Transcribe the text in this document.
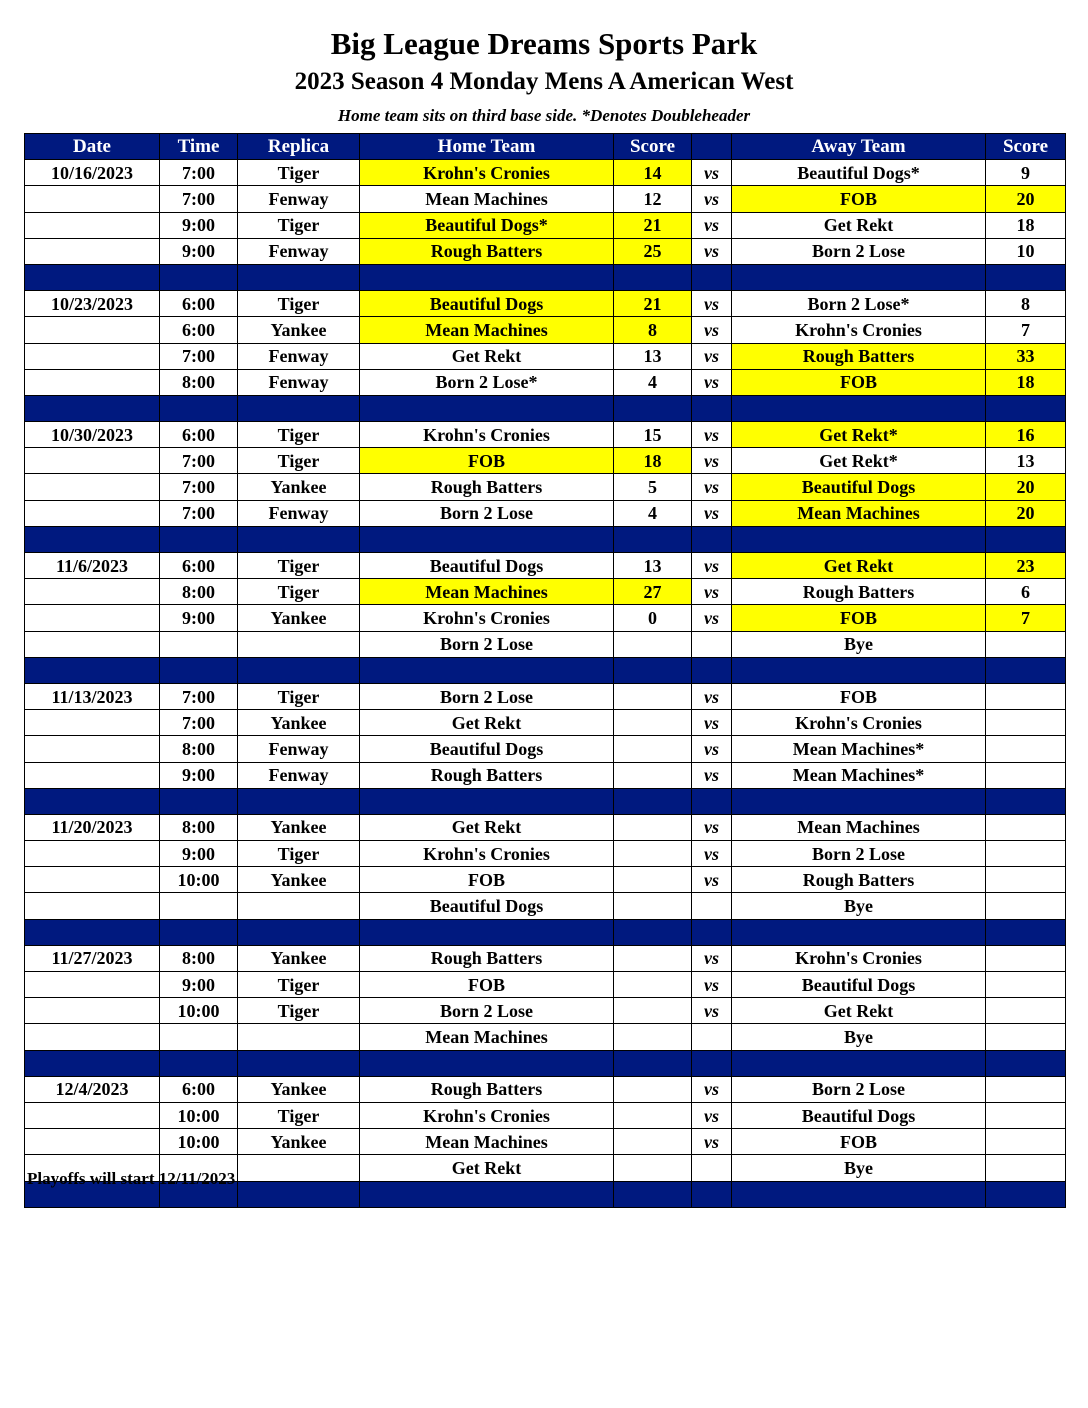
Big League Dreams Sports Park
2023 Season 4 Monday Mens A American West
Home team sits on third base side. *Denotes Doubleheader
Date	Time	Replica	Home Team	Score		Away Team	Score
10/16/2023	7:00	Tiger	Krohn's Cronies	14	vs	Beautiful Dogs*	9
	7:00	Fenway	Mean Machines	12	vs	FOB	20
	9:00	Tiger	Beautiful Dogs*	21	vs	Get Rekt	18
	9:00	Fenway	Rough Batters	25	vs	Born 2 Lose	10

10/23/2023	6:00	Tiger	Beautiful Dogs	21	vs	Born 2 Lose*	8
	6:00	Yankee	Mean Machines	8	vs	Krohn's Cronies	7
	7:00	Fenway	Get Rekt	13	vs	Rough Batters	33
	8:00	Fenway	Born 2 Lose*	4	vs	FOB	18

10/30/2023	6:00	Tiger	Krohn's Cronies	15	vs	Get Rekt*	16
	7:00	Tiger	FOB	18	vs	Get Rekt*	13
	7:00	Yankee	Rough Batters	5	vs	Beautiful Dogs	20
	7:00	Fenway	Born 2 Lose	4	vs	Mean Machines	20

11/6/2023	6:00	Tiger	Beautiful Dogs	13	vs	Get Rekt	23
	8:00	Tiger	Mean Machines	27	vs	Rough Batters	6
	9:00	Yankee	Krohn's Cronies	0	vs	FOB	7
			Born 2 Lose			Bye	

11/13/2023	7:00	Tiger	Born 2 Lose		vs	FOB	
	7:00	Yankee	Get Rekt		vs	Krohn's Cronies	
	8:00	Fenway	Beautiful Dogs		vs	Mean Machines*	
	9:00	Fenway	Rough Batters		vs	Mean Machines*	

11/20/2023	8:00	Yankee	Get Rekt		vs	Mean Machines	
	9:00	Tiger	Krohn's Cronies		vs	Born 2 Lose	
	10:00	Yankee	FOB		vs	Rough Batters	
			Beautiful Dogs			Bye	

11/27/2023	8:00	Yankee	Rough Batters		vs	Krohn's Cronies	
	9:00	Tiger	FOB		vs	Beautiful Dogs	
	10:00	Tiger	Born 2 Lose		vs	Get Rekt	
			Mean Machines			Bye	

12/4/2023	6:00	Yankee	Rough Batters		vs	Born 2 Lose	
	10:00	Tiger	Krohn's Cronies		vs	Beautiful Dogs	
	10:00	Yankee	Mean Machines		vs	FOB	
			Get Rekt			Bye	

Playoffs will start 12/11/2023
